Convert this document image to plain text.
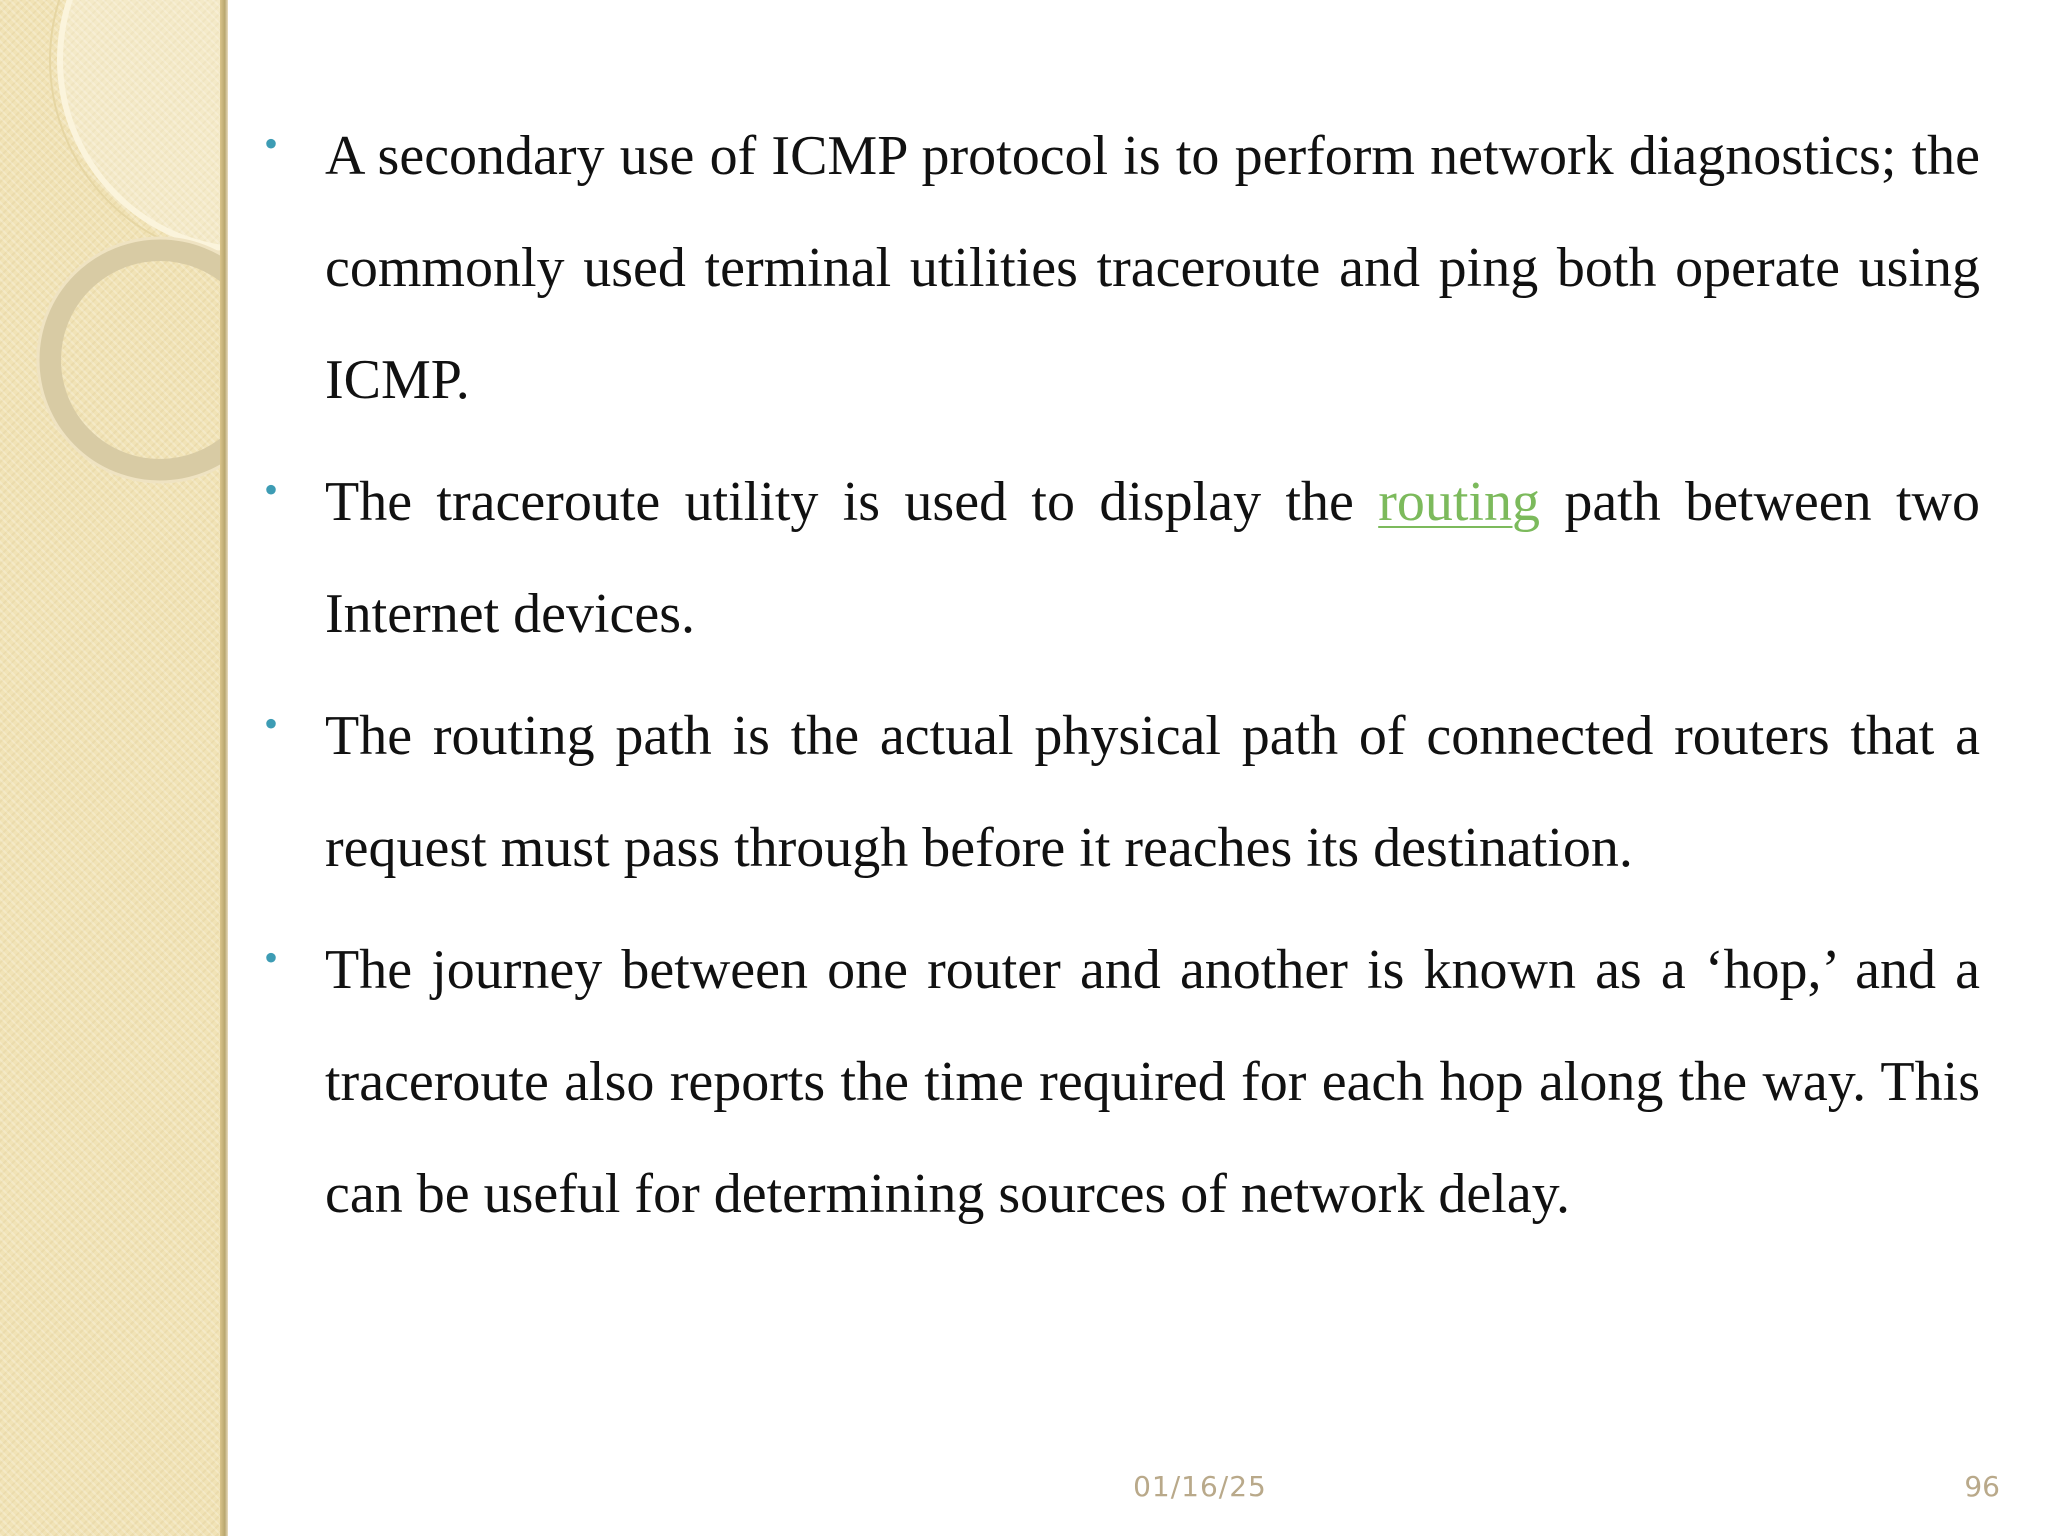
• A secondary use of ICMP protocol is to perform network diagnostics; the commonly used terminal utilities traceroute and ping both operate using ICMP.
• The traceroute utility is used to display the routing path between two Internet devices.
• The routing path is the actual physical path of connected routers that a request must pass through before it reaches its destination.
• The journey between one router and another is known as a ‘hop,’ and a traceroute also reports the time required for each hop along the way. This can be useful for determining sources of network delay.
01/16/25	96
